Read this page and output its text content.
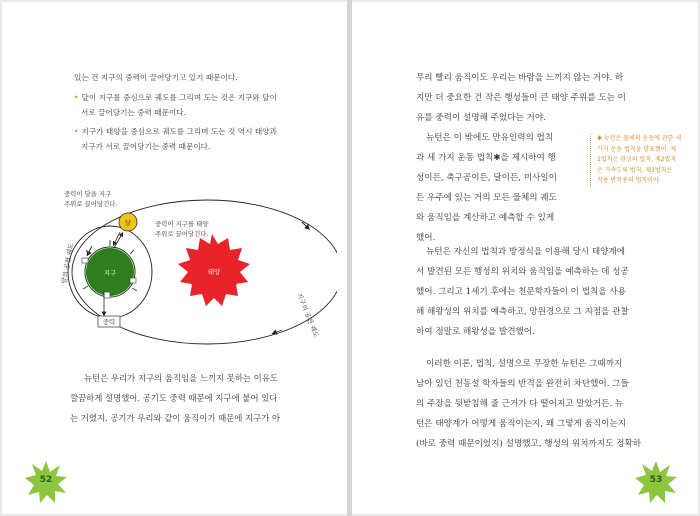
있는 건 지구의 중력이 끌어당기고 있기 때문이다.
• 달이 지구를 중심으로 궤도를 그리며 도는 것은 지구와 달이
서로 끌어당기는 중력 때문이다.
• 지구가 태양을 중심으로 궤도를 그리며 도는 것 역시 태양과
지구가 서로 끌어당기는 중력 때문이다.
태양
지구
달
중력이 달을 지구
주위로 끌어당긴다.
중력이 지구를 태양
주위로 끌어당긴다.
달의 공전 궤도
지구의 공전 궤도
중력
뉴턴은 우리가 지구의 움직임을 느끼지 못하는 이유도
깔끔하게 설명했어. 공기도 중력 때문에 지구에 붙어 있다
는 거였지. 공기가 우리와 같이 움직이기 때문에 지구가 아
52
무리 빨리 움직이도 우리는 바람을 느끼지 않는 거야. 하
지만 더 중요한 건 작은 행성들이 큰 태양 주위를 도는 이
유를 중력이 설명해 주었다는 거야.
뉴턴은 이 밖에도 만유인력의 법칙
과 세 가지 운동 법칙✱을 제시하여 행
성이든, 축구공이든, 달이든, 미사일이
든 우주에 있는 거의 모든 물체의 궤도
와 움직임을 계산하고 예측할 수 있게
했어.
✱ 뉴턴은 물체의 운동에 관한 세
가지 운동 법칙을 발표했어. 제
1법칙은 관성의 법칙, 제2법칙
은 가속도의 법칙, 제3법칙은
작용 반작용의 법칙이야.
뉴턴은 자신의 법칙과 방정식을 이용해 당시 태양계에
서 발견된 모든 행성의 위치와 움직임을 예측하는 데 성공
했어. 그리고 1세기 후에는 천문학자들이 이 법칙을 사용
해 해왕성의 위치를 예측하고, 망원경으로 그 지점을 관찰
하여 정말로 해왕성을 발견했어.
이러한 이론, 법칙, 설명으로 무장한 뉴턴은 그때까지
남아 있던 천동설 학자들의 반격을 완전히 차단했어. 그들
의 주장을 뒷받침해 줄 근거가 다 떨어지고 말았거든. 뉴
턴은 태양계가 어떻게 움직이는지, 왜 그렇게 움직이는지
(바로 중력 때문이었지) 설명했고, 행성의 위치까지도 정확하
53
